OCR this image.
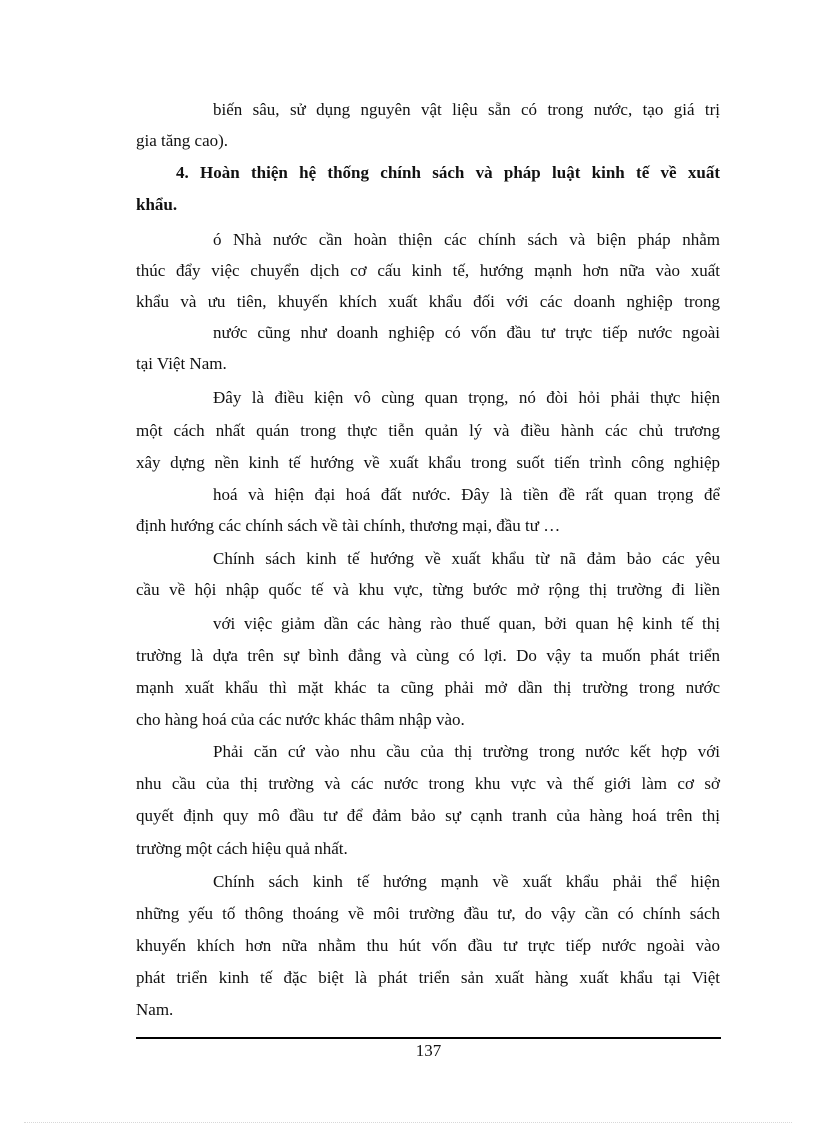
biến sâu, sử dụng nguyên vật liệu sẵn có trong nước, tạo giá trị
gia tăng cao).
4. Hoàn thiện hệ thống chính sách và pháp luật kinh tế về xuất
khẩu.
ó Nhà nước cần hoàn thiện các chính sách và biện pháp nhằm
thúc đẩy việc chuyển dịch cơ cấu kinh tế, hướng mạnh hơn nữa vào xuất
khẩu và ưu tiên, khuyến khích xuất khẩu đối với các doanh nghiệp trong
nước cũng như doanh nghiệp có vốn đầu tư trực tiếp nước ngoài
tại Việt Nam.
Đây là điều kiện vô cùng quan trọng, nó đòi hỏi phải thực hiện
một cách nhất quán trong thực tiễn quản lý và điều hành các chủ trương
xây dựng nền kinh tế hướng về xuất khẩu trong suốt tiến trình công nghiệp
hoá và hiện đại hoá đất nước. Đây là tiền đề rất quan trọng để
định hướng các chính sách về tài chính, thương mại, đầu tư …
Chính sách kinh tế hướng về xuất khẩu từ nã đảm bảo các yêu
cầu về hội nhập quốc tế và khu vực, từng bước mở rộng thị trường đi liền
với việc giảm dần các hàng rào thuế quan, bởi quan hệ kinh tế thị
trường là dựa trên sự bình đẳng và cùng có lợi. Do vậy ta muốn phát triển
mạnh xuất khẩu thì mặt khác ta cũng phải mở dần thị trường trong nước
cho hàng hoá của các nước khác thâm nhập vào.
Phải căn cứ vào nhu cầu của thị trường trong nước kết hợp với
nhu cầu của thị trường và các nước trong khu vực và thế giới làm cơ sở
quyết định quy mô đầu tư để đảm bảo sự cạnh tranh của hàng hoá trên thị
trường một cách hiệu quả nhất.
Chính sách kinh tế hướng mạnh về xuất khẩu phải thể hiện
những yếu tố thông thoáng về môi trường đầu tư, do vậy cần có chính sách
khuyến khích hơn nữa nhằm thu hút vốn đầu tư trực tiếp nước ngoài vào
phát triển kinh tế đặc biệt là phát triển sản xuất hàng xuất khẩu tại Việt
Nam.
137
